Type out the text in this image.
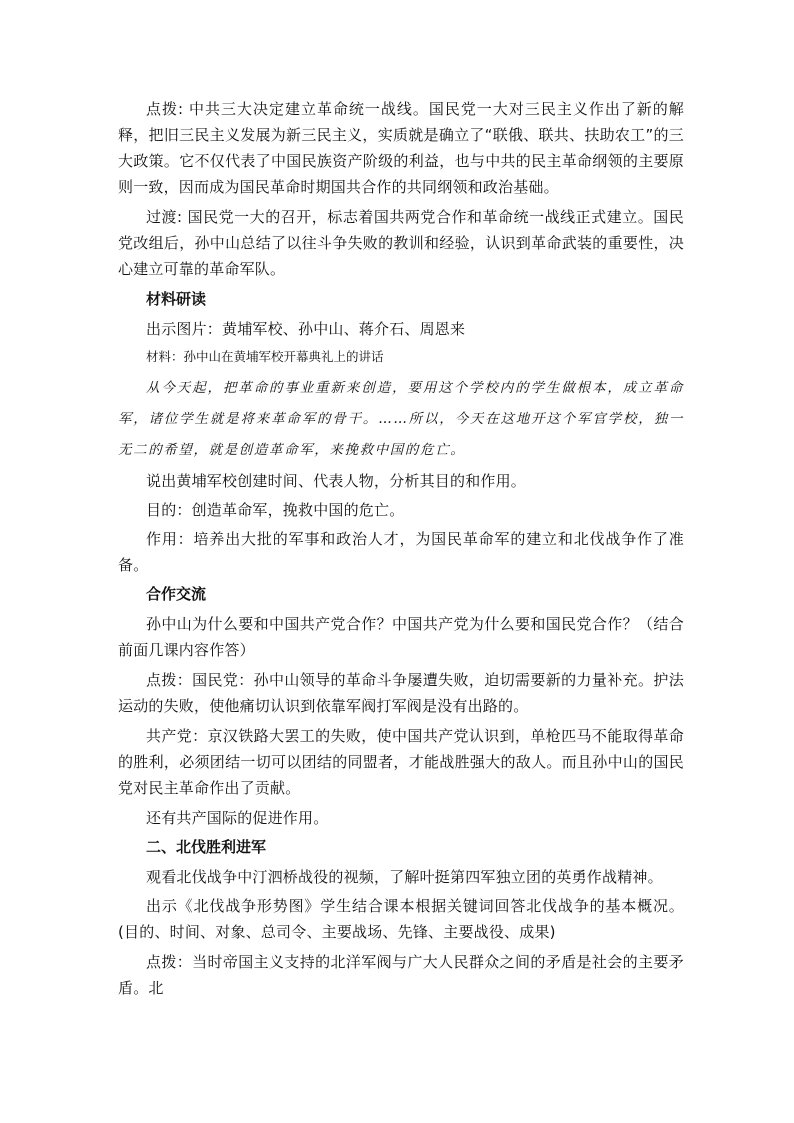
点拨: 中共三大决定建立革命统一战线。国民党一大对三民主义作出了新的解释，把旧三民主义发展为新三民主义，实质就是确立了“联俄、联共、扶助农工”的三大政策。它不仅代表了中国民族资产阶级的利益，也与中共的民主革命纲领的主要原则一致，因而成为国民革命时期国共合作的共同纲领和政治基础。

过渡: 国民党一大的召开，标志着国共两党合作和革命统一战线正式建立。国民党改组后，孙中山总结了以往斗争失败的教训和经验，认识到革命武装的重要性，决心建立可靠的革命军队。

材料研读

出示图片：黄埔军校、孙中山、蒋介石、周恩来

材料：孙中山在黄埔军校开幕典礼上的讲话

从今天起，把革命的事业重新来创造，要用这个学校内的学生做根本，成立革命军，诸位学生就是将来革命军的骨干。……所以，今天在这地开这个军官学校，独一无二的希望，就是创造革命军，来挽救中国的危亡。

说出黄埔军校创建时间、代表人物，分析其目的和作用。

目的：创造革命军，挽救中国的危亡。

作用：培养出大批的军事和政治人才，为国民革命军的建立和北伐战争作了准备。

合作交流

孙中山为什么要和中国共产党合作？中国共产党为什么要和国民党合作？（结合前面几课内容作答）

点拨：国民党：孙中山领导的革命斗争屡遭失败，迫切需要新的力量补充。护法运动的失败，使他痛切认识到依靠军阀打军阀是没有出路的。

共产党：京汉铁路大罢工的失败，使中国共产党认识到，单枪匹马不能取得革命的胜利，必须团结一切可以团结的同盟者，才能战胜强大的敌人。而且孙中山的国民党对民主革命作出了贡献。

还有共产国际的促进作用。

二、北伐胜利进军

观看北伐战争中汀泗桥战役的视频，了解叶挺第四军独立团的英勇作战精神。

出示《北伐战争形势图》学生结合课本根据关键词回答北伐战争的基本概况。(目的、时间、对象、总司令、主要战场、先锋、主要战役、成果)

点拨：当时帝国主义支持的北洋军阀与广大人民群众之间的矛盾是社会的主要矛盾。北
